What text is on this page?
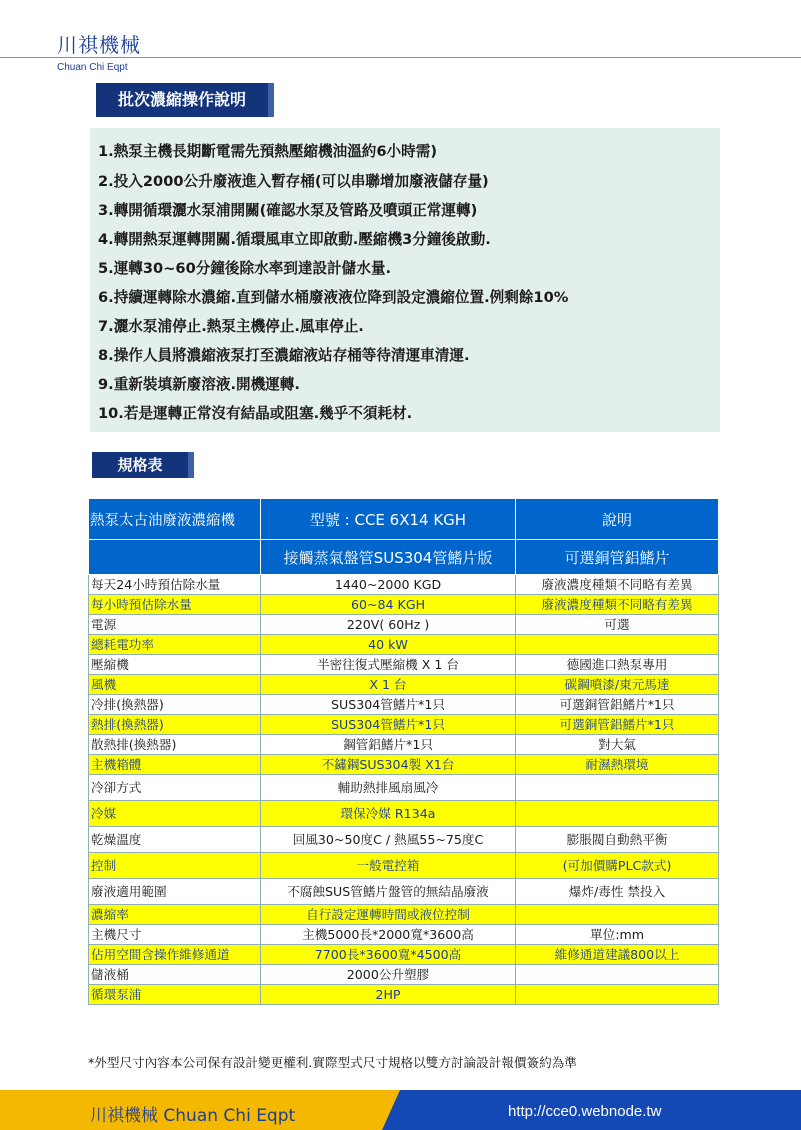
川祺機械
Chuan Chi Eqpt
批次濃縮操作說明
1.熱泵主機長期斷電需先預熱壓縮機油溫約6小時需)
2.投入2000公升廢液進入暫存桶(可以串聯增加廢液儲存量)
3.轉開循環灑水泵浦開關(確認水泵及管路及噴頭正常運轉)
4.轉開熱泵運轉開關.循環風車立即啟動.壓縮機3分鐘後啟動.
5.運轉30~60分鐘後除水率到達設計儲水量.
6.持續運轉除水濃縮.直到儲水桶廢液液位降到設定濃縮位置.例剩餘10%
7.灑水泵浦停止.熱泵主機停止.風車停止.
8.操作人員將濃縮液泵打至濃縮液站存桶等待清運車清運.
9.重新裝填新廢溶液.開機運轉.
10.若是運轉正常沒有結晶或阻塞.幾乎不須耗材.
規格表
熱泵太古油廢液濃縮機	型號 : CCE 6X14 KGH	說明
	接觸蒸氣盤管SUS304管鰭片版	可選銅管鋁鰭片
每天24小時預估除水量	1440~2000 KGD	廢液濃度種類不同略有差異
每小時預估除水量	60~84 KGH	廢液濃度種類不同略有差異
電源	220V( 60Hz )	可選
總耗電功率	40 kW	
壓縮機	半密往復式壓縮機 X 1 台	德國進口熱泵專用
風機	X 1 台	碳鋼噴漆/東元馬達
冷排(換熱器)	SUS304管鰭片*1只	可選銅管鋁鰭片*1只
熱排(換熱器)	SUS304管鰭片*1只	可選銅管鋁鰭片*1只
散熱排(換熱器)	鋼管鋁鰭片*1只	對大氣
主機箱體	不鏽鋼SUS304製 X1台	耐濕熱環境
冷卻方式	輔助熱排風扇風冷	
冷媒	環保冷媒 R134a	
乾燥溫度	回風30~50度C / 熱風55~75度C	膨脹閥自動熱平衡
控制	一般電控箱	(可加價購PLC款式)
廢液適用範圍	不腐蝕SUS管鰭片盤管的無結晶廢液	爆炸/毒性 禁投入
濃縮率	自行設定運轉時間或液位控制	
主機尺寸	主機5000長*2000寬*3600高	單位:mm
佔用空間含操作維修通道	7700長*3600寬*4500高	維修通道建議800以上
儲液桶	2000公升塑膠	
循環泵浦	2HP	
*外型尺寸內容本公司保有設計變更權利.實際型式尺寸規格以雙方討論設計報價簽約為準
川祺機械 Chuan Chi Eqpt	http://cce0.webnode.tw
